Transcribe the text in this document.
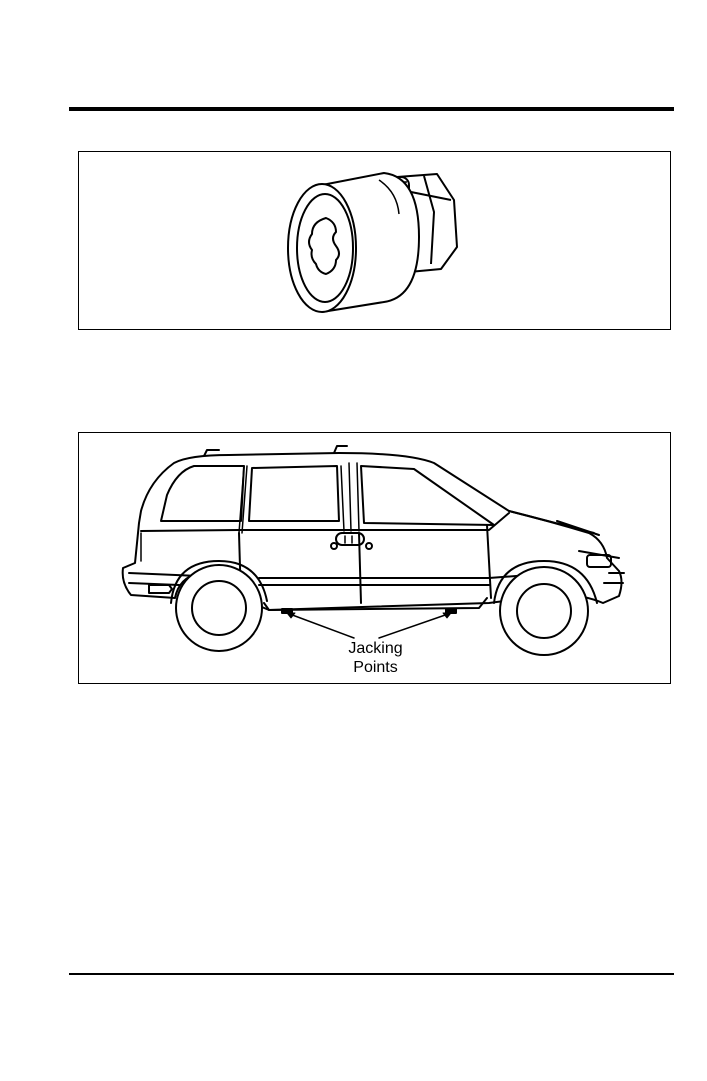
Jacking
Points
